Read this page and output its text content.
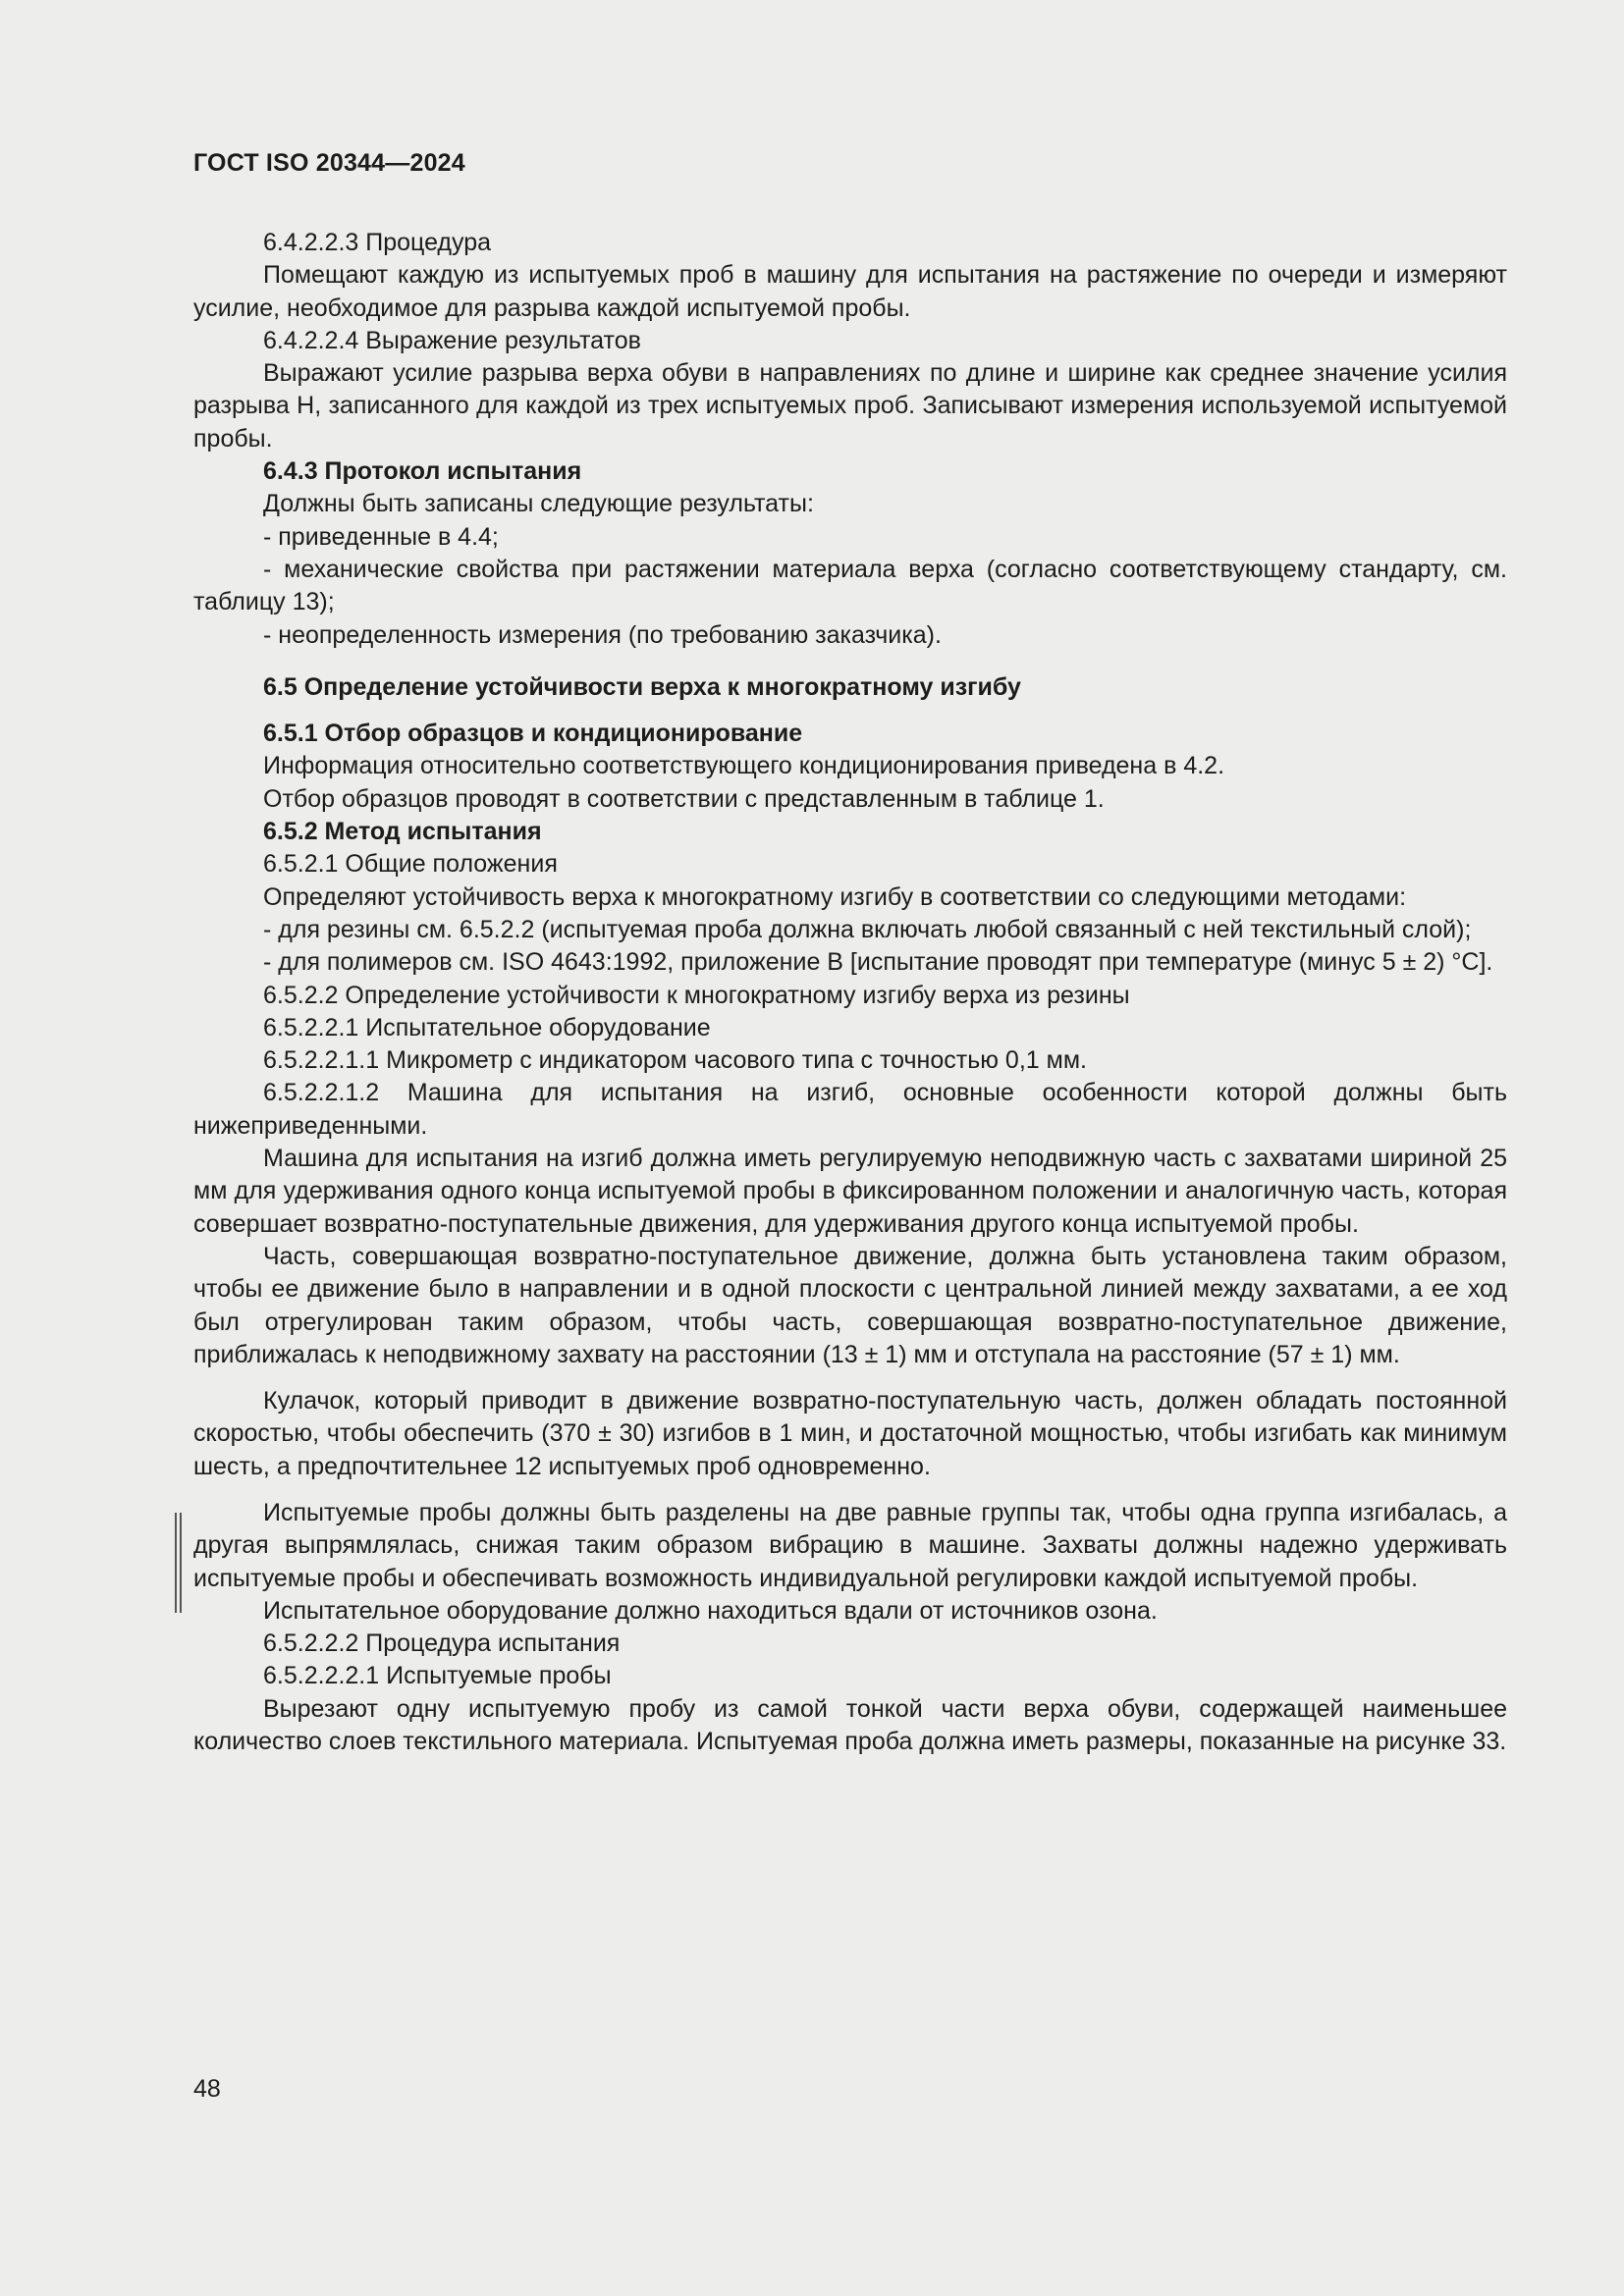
ГОСТ ISO 20344—2024

6.4.2.2.3 Процедура

Помещают каждую из испытуемых проб в машину для испытания на растяжение по очереди и измеряют усилие, необходимое для разрыва каждой испытуемой пробы.

6.4.2.2.4 Выражение результатов

Выражают усилие разрыва верха обуви в направлениях по длине и ширине как среднее значение усилия разрыва Н, записанного для каждой из трех испытуемых проб. Записывают измерения используемой испытуемой пробы.

6.4.3 Протокол испытания

Должны быть записаны следующие результаты:

- приведенные в 4.4;

- механические свойства при растяжении материала верха (согласно соответствующему стандарту, см. таблицу 13);

- неопределенность измерения (по требованию заказчика).

6.5 Определение устойчивости верха к многократному изгибу

6.5.1 Отбор образцов и кондиционирование

Информация относительно соответствующего кондиционирования приведена в 4.2.

Отбор образцов проводят в соответствии с представленным в таблице 1.

6.5.2 Метод испытания

6.5.2.1 Общие положения

Определяют устойчивость верха к многократному изгибу в соответствии со следующими методами:

- для резины см. 6.5.2.2 (испытуемая проба должна включать любой связанный с ней текстильный слой);

- для полимеров см. ISO 4643:1992, приложение В [испытание проводят при температуре (минус 5 ± 2) °С].

6.5.2.2 Определение устойчивости к многократному изгибу верха из резины

6.5.2.2.1 Испытательное оборудование

6.5.2.2.1.1 Микрометр с индикатором часового типа с точностью 0,1 мм.

6.5.2.2.1.2 Машина для испытания на изгиб, основные особенности которой должны быть нижеприведенными.

Машина для испытания на изгиб должна иметь регулируемую неподвижную часть с захватами шириной 25 мм для удерживания одного конца испытуемой пробы в фиксированном положении и аналогичную часть, которая совершает возвратно-поступательные движения, для удерживания другого конца испытуемой пробы.

Часть, совершающая возвратно-поступательное движение, должна быть установлена таким образом, чтобы ее движение было в направлении и в одной плоскости с центральной линией между захватами, а ее ход был отрегулирован таким образом, чтобы часть, совершающая возвратно-поступательное движение, приближалась к неподвижному захвату на расстоянии (13 ± 1) мм и отступала на расстояние (57 ± 1) мм.

Кулачок, который приводит в движение возвратно-поступательную часть, должен обладать постоянной скоростью, чтобы обеспечить (370 ± 30) изгибов в 1 мин, и достаточной мощностью, чтобы изгибать как минимум шесть, а предпочтительнее 12 испытуемых проб одновременно.

Испытуемые пробы должны быть разделены на две равные группы так, чтобы одна группа изгибалась, а другая выпрямлялась, снижая таким образом вибрацию в машине. Захваты должны надежно удерживать испытуемые пробы и обеспечивать возможность индивидуальной регулировки каждой испытуемой пробы.

Испытательное оборудование должно находиться вдали от источников озона.

6.5.2.2.2 Процедура испытания

6.5.2.2.2.1 Испытуемые пробы

Вырезают одну испытуемую пробу из самой тонкой части верха обуви, содержащей наименьшее количество слоев текстильного материала. Испытуемая проба должна иметь размеры, показанные на рисунке 33.

48
